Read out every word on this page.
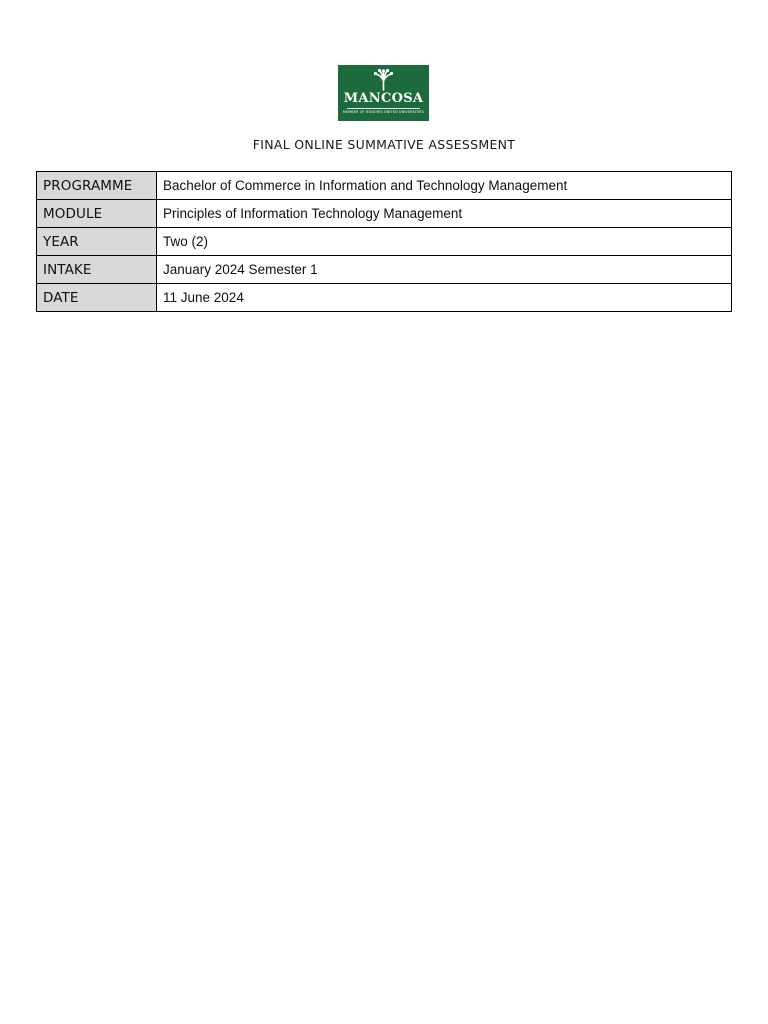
MANCOSA
MEMBER OF HONORIS UNITED UNIVERSITIES
FINAL ONLINE SUMMATIVE ASSESSMENT
PROGRAMME	Bachelor of Commerce in Information and Technology Management
MODULE	Principles of Information Technology Management
YEAR	Two (2)
INTAKE	January 2024 Semester 1
DATE	11 June 2024
